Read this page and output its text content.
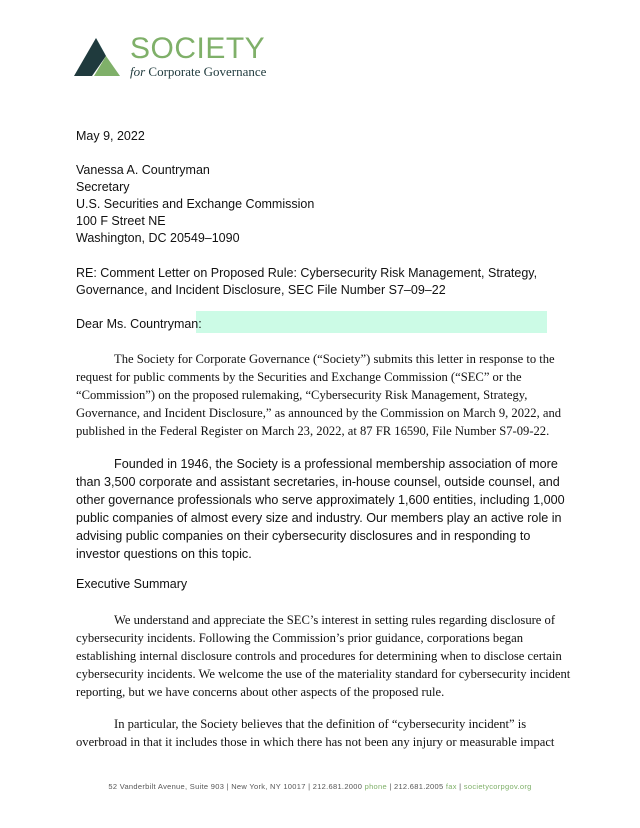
SOCIETY
for Corporate Governance
May 9, 2022
Vanessa A. Countryman
Secretary
U.S. Securities and Exchange Commission
100 F Street NE
Washington, DC 20549–1090
RE: Comment Letter on Proposed Rule: Cybersecurity Risk Management, Strategy,
Governance, and Incident Disclosure, SEC File Number S7–09–22
Dear Ms. Countryman:

The Society for Corporate Governance (“Society”) submits this letter in response to the request for public comments by the Securities and Exchange Commission (“SEC” or the “Commission”) on the proposed rulemaking, “Cybersecurity Risk Management, Strategy, Governance, and Incident Disclosure,” as announced by the Commission on March 9, 2022, and published in the Federal Register on March 23, 2022, at 87 FR 16590, File Number S7-09-22.

Founded in 1946, the Society is a professional membership association of more than 3,500 corporate and assistant secretaries, in-house counsel, outside counsel, and other governance professionals who serve approximately 1,600 entities, including 1,000 public companies of almost every size and industry. Our members play an active role in advising public companies on their cybersecurity disclosures and in responding to investor questions on this topic.

Executive Summary

We understand and appreciate the SEC’s interest in setting rules regarding disclosure of cybersecurity incidents. Following the Commission’s prior guidance, corporations began establishing internal disclosure controls and procedures for determining when to disclose certain cybersecurity incidents. We welcome the use of the materiality standard for cybersecurity incident reporting, but we have concerns about other aspects of the proposed rule.

In particular, the Society believes that the definition of “cybersecurity incident” is overbroad in that it includes those in which there has not been any injury or measurable impact

52 Vanderbilt Avenue, Suite 903 | New York, NY 10017 | 212.681.2000 phone | 212.681.2005 fax | societycorpgov.org
